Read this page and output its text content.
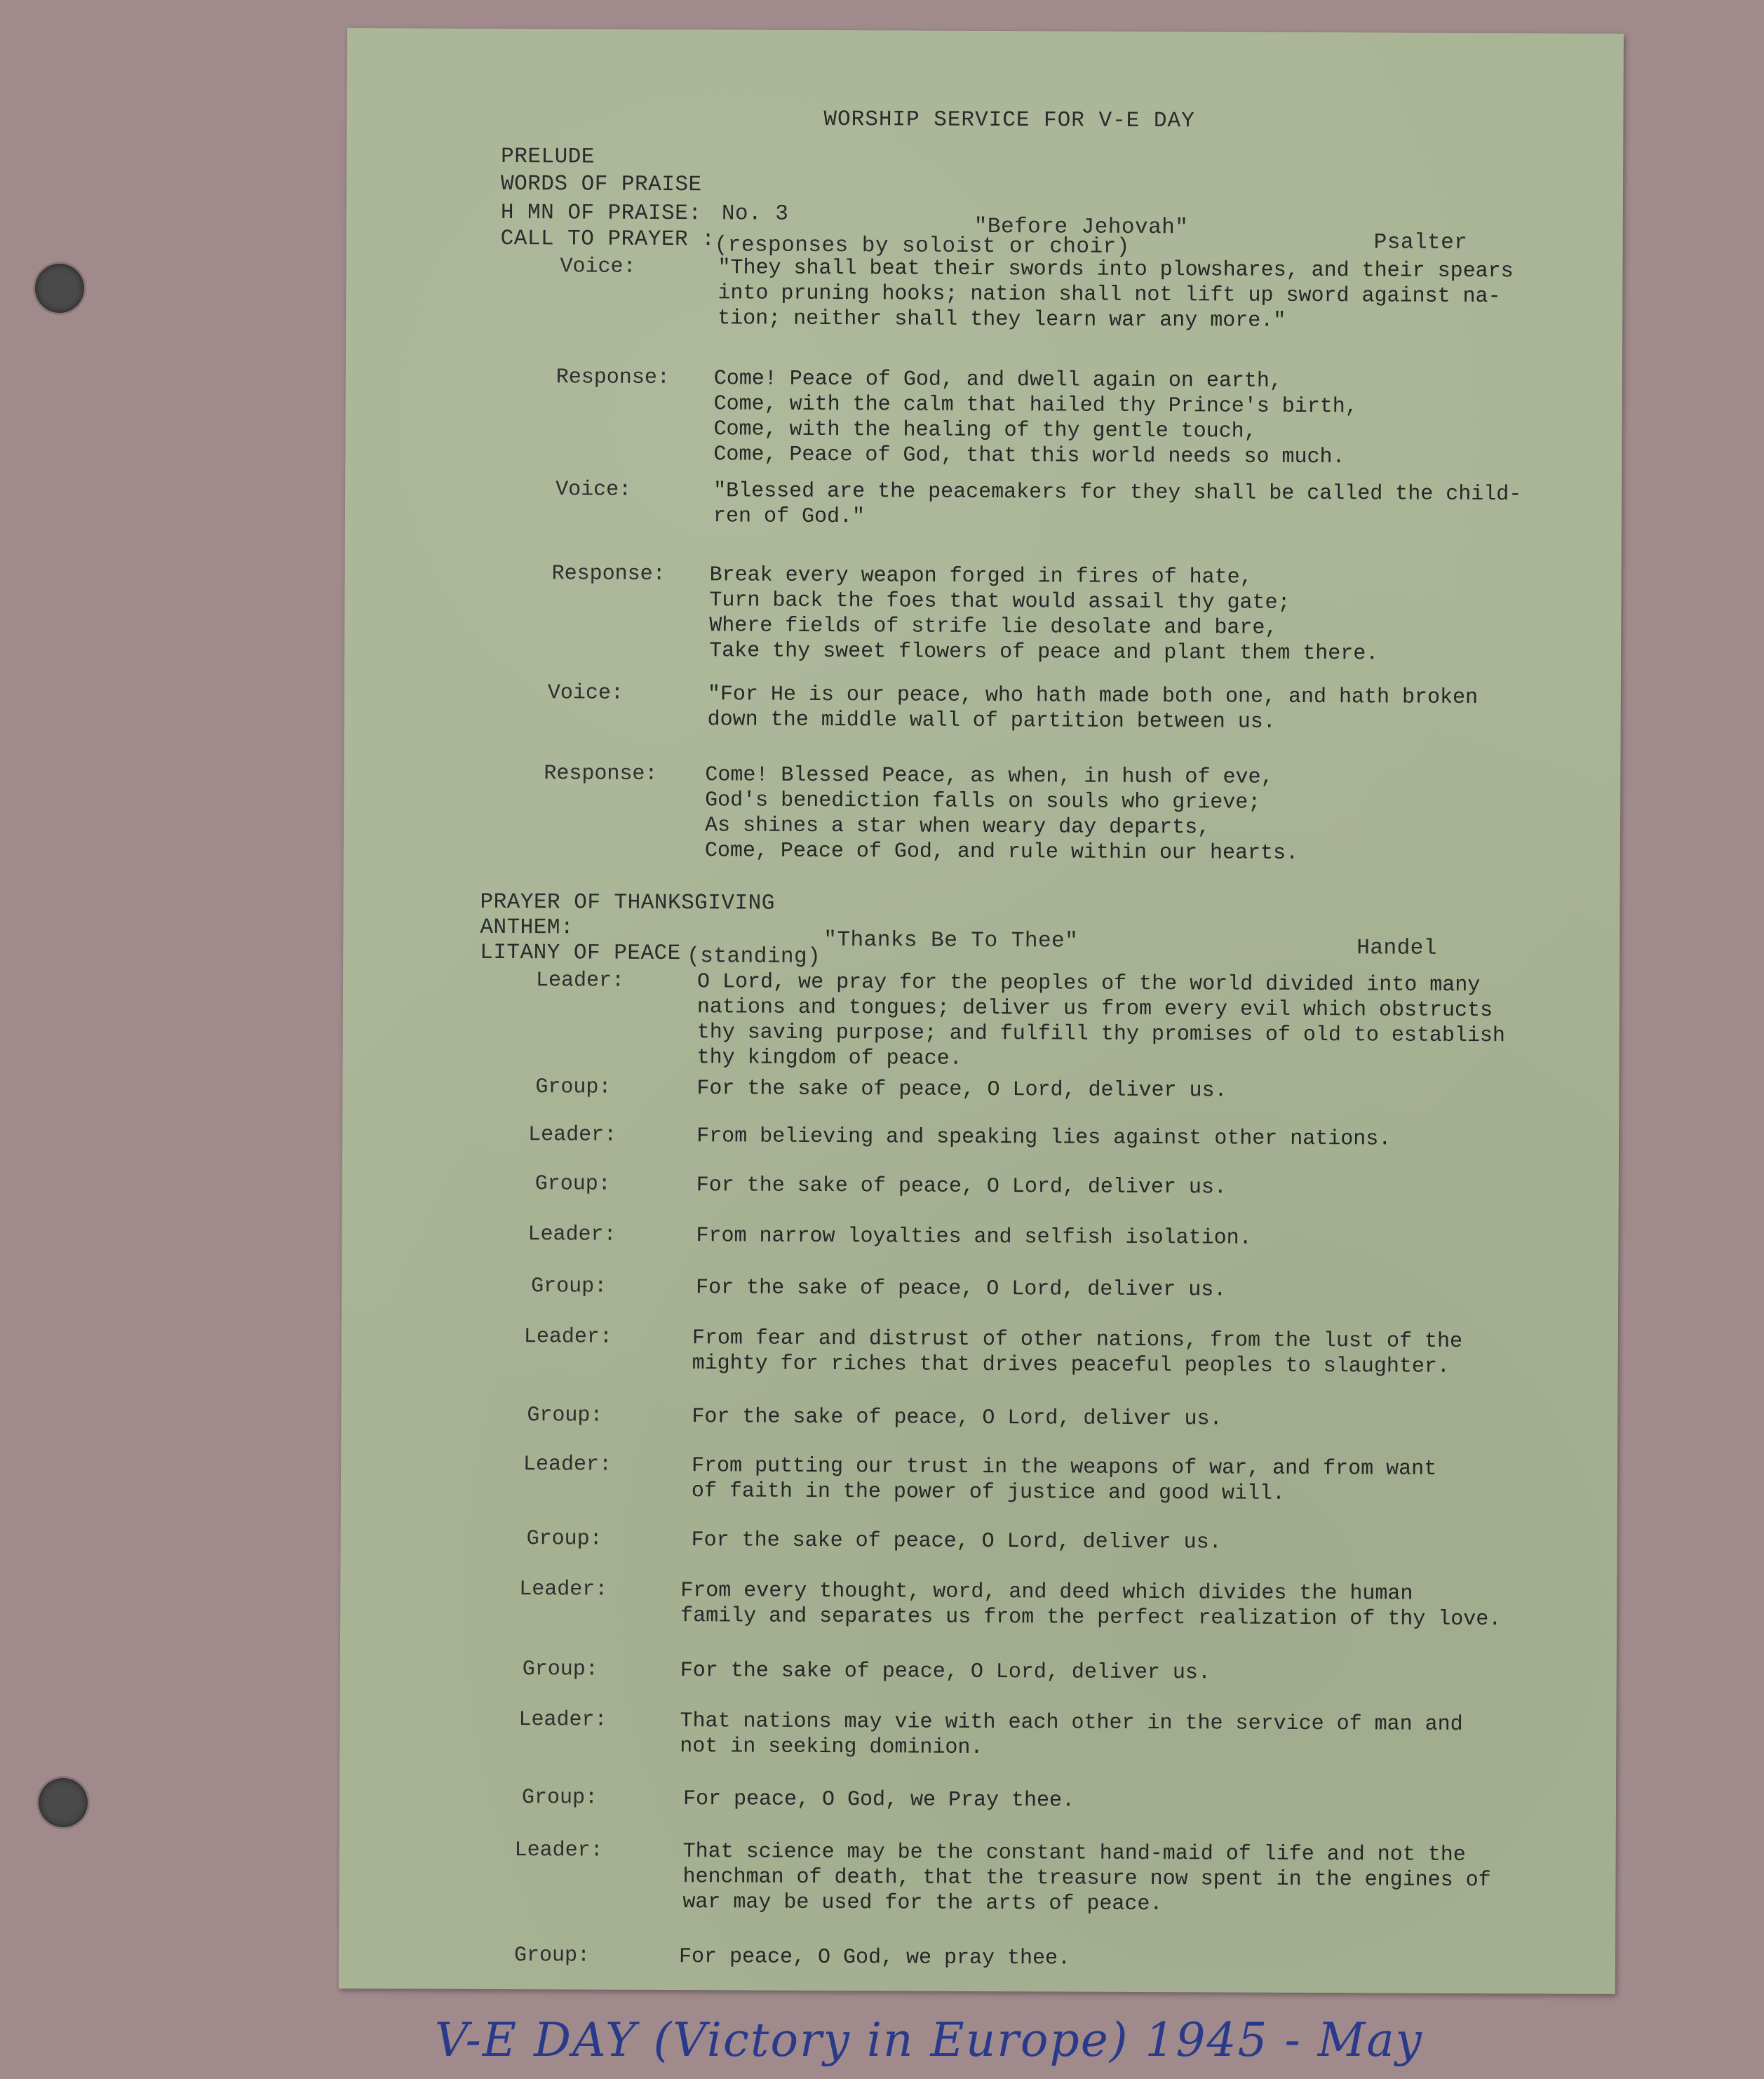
WORSHIP SERVICE FOR V-E DAY
PRELUDE
WORDS OF PRAISE
H MN OF PRAISE: No. 3
"Before Jehovah"
Psalter
CALL TO PRAYER : (responses by soloist or choir)
Voice:	"They shall beat their swords into plowshares, and their spears
into pruning hooks; nation shall not lift up sword against na-
tion; neither shall they learn war any more."
Response: Come! Peace of God, and dwell again on earth,
Come, with the calm that hailed thy Prince's birth,
Come, with the healing of thy gentle touch,
Come, Peace of God, that this world needs so much.
Voice:	"Blessed are the peacemakers for they shall be called the child-
ren of God."
Response: Break every weapon forged in fires of hate,
Turn back the foes that would assail thy gate;
Where fields of strife lie desolate and bare,
Take thy sweet flowers of peace and plant them there.
Voice:	"For He is our peace, who hath made both one, and hath broken
down the middle wall of partition between us.
Response: Come! Blessed Peace, as when, in hush of eve,
God's benediction falls on souls who grieve;
As shines a star when weary day departs,
Come, Peace of God, and rule within our hearts.
PRAYER OF THANKSGIVING
ANTHEM:
"Thanks Be To Thee"	Handel
LITANY OF PEACE (standing)
Leader:	O Lord, we pray for the peoples of the world divided into many
nations and tongues; deliver us from every evil which obstructs
thy saving purpose; and fulfill thy promises of old to establish
thy kingdom of peace.
Group:	For the sake of peace, O Lord, deliver us.
Leader:	From believing and speaking lies against other nations.
Group:	For the sake of peace, O Lord, deliver us.
Leader:	From narrow loyalties and selfish isolation.
Group:	For the sake of peace, O Lord, deliver us.
Leader:	From fear and distrust of other nations, from the lust of the
mighty for riches that drives peaceful peoples to slaughter.
Group:	For the sake of peace, O Lord, deliver us.
Leader:	From putting our trust in the weapons of war, and from want
of faith in the power of justice and good will.
Group:	For the sake of peace, O Lord, deliver us.
Leader:	From every thought, word, and deed which divides the human
family and separates us from the perfect realization of thy love.
Group:	For the sake of peace, O Lord, deliver us.
Leader:	That nations may vie with each other in the service of man and
not in seeking dominion.
Group:	For peace, O God, we Pray thee.
Leader:	That science may be the constant hand-maid of life and not the
henchman of death, that the treasure now spent in the engines of
war may be used for the arts of peace.
Group:	For peace, O God, we pray thee.
V-E DAY (Victory in Europe) 1945 - May
